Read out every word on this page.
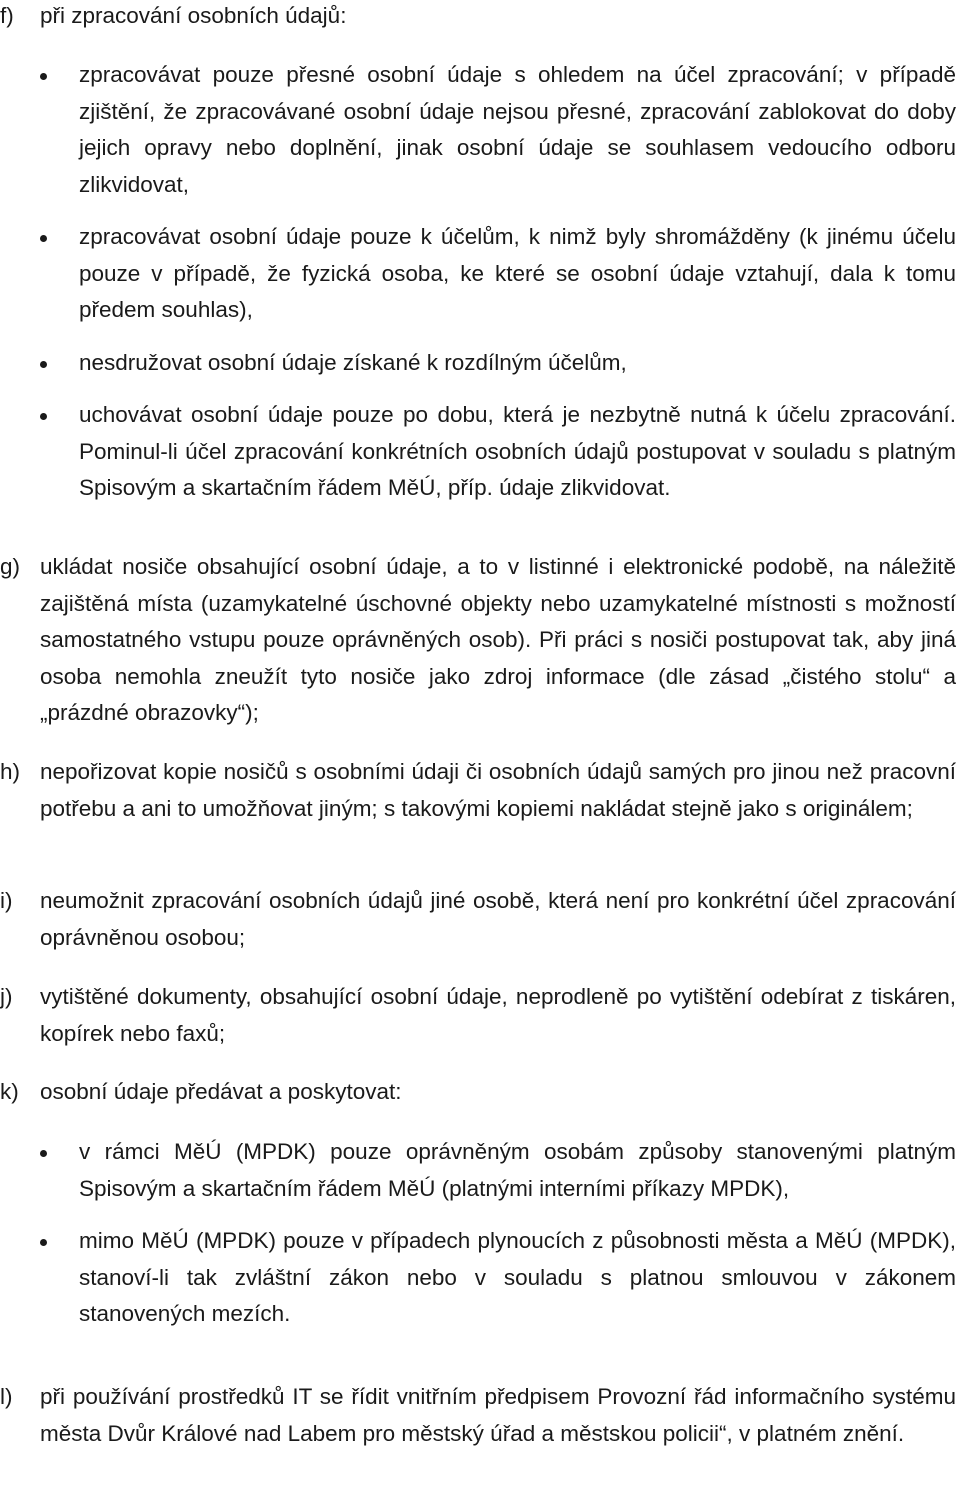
f) při zpracování osobních údajů:
zpracovávat pouze přesné osobní údaje s ohledem na účel zpracování; v případě zjištění, že zpracovávané osobní údaje nejsou přesné, zpracování zablokovat do doby jejich opravy nebo doplnění, jinak osobní údaje se souhlasem vedoucího odboru zlikvidovat,
zpracovávat osobní údaje pouze k účelům, k nimž byly shromážděny (k jinému účelu pouze v případě, že fyzická osoba, ke které se osobní údaje vztahují, dala k tomu předem souhlas),
nesdružovat osobní údaje získané k rozdílným účelům,
uchovávat osobní údaje pouze po dobu, která je nezbytně nutná k účelu zpracování. Pominul-li účel zpracování konkrétních osobních údajů postupovat v souladu s platným Spisovým a skartačním řádem MěÚ, příp. údaje zlikvidovat.
g) ukládat nosiče obsahující osobní údaje, a to v listinné i elektronické podobě, na náležitě zajištěná místa (uzamykatelné úschovné objekty nebo uzamykatelné místnosti s možností samostatného vstupu pouze oprávněných osob). Při práci s nosiči postupovat tak, aby jiná osoba nemohla zneužít tyto nosiče jako zdroj informace (dle zásad „čistého stolu“ a „prázdné obrazovky“);
h) nepořizovat kopie nosičů s osobními údaji či osobních údajů samých pro jinou než pracovní potřebu a ani to umožňovat jiným; s takovými kopiemi nakládat stejně jako s originálem;
i) neumožnit zpracování osobních údajů jiné osobě, která není pro konkrétní účel zpracování oprávněnou osobou;
j) vytištěné dokumenty, obsahující osobní údaje, neprodleně po vytištění odebírat z tiskáren, kopírek nebo faxů;
k) osobní údaje předávat a poskytovat:
v rámci MěÚ (MPDK) pouze oprávněným osobám způsoby stanovenými platným Spisovým a skartačním řádem MěÚ (platnými interními příkazy MPDK),
mimo MěÚ (MPDK) pouze v případech plynoucích z působnosti města a MěÚ (MPDK), stanoví-li tak zvláštní zákon nebo v souladu s platnou smlouvou v zákonem stanovených mezích.
l) při používání prostředků IT se řídit vnitřním předpisem Provozní řád informačního systému města Dvůr Králové nad Labem pro městský úřad a městskou policii“, v platném znění.
